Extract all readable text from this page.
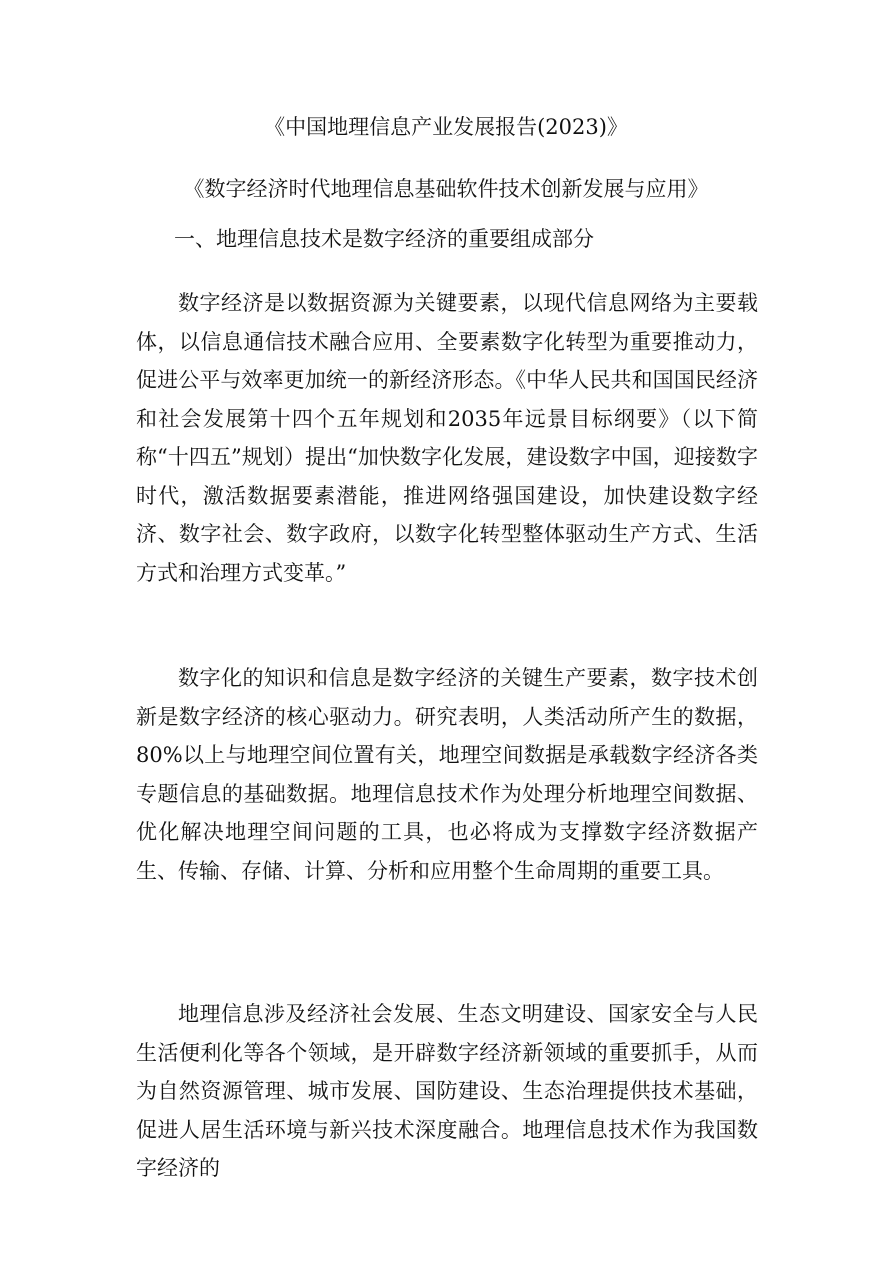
《中国地理信息产业发展报告(2023)》
《数字经济时代地理信息基础软件技术创新发展与应用》
一、地理信息技术是数字经济的重要组成部分

数字经济是以数据资源为关键要素，以现代信息网络为主要载体，以信息通信技术融合应用、全要素数字化转型为重要推动力，促进公平与效率更加统一的新经济形态。《中华人民共和国国民经济和社会发展第十四个五年规划和2035年远景目标纲要》（以下简称“十四五”规划）提出“加快数字化发展，建设数字中国，迎接数字时代，激活数据要素潜能，推进网络强国建设，加快建设数字经济、数字社会、数字政府，以数字化转型整体驱动生产方式、生活方式和治理方式变革。”

数字化的知识和信息是数字经济的关键生产要素，数字技术创新是数字经济的核心驱动力。研究表明，人类活动所产生的数据，80%以上与地理空间位置有关，地理空间数据是承载数字经济各类专题信息的基础数据。地理信息技术作为处理分析地理空间数据、优化解决地理空间问题的工具，也必将成为支撑数字经济数据产生、传输、存储、计算、分析和应用整个生命周期的重要工具。

地理信息涉及经济社会发展、生态文明建设、国家安全与人民生活便利化等各个领域，是开辟数字经济新领域的重要抓手，从而为自然资源管理、城市发展、国防建设、生态治理提供技术基础，促进人居生活环境与新兴技术深度融合。地理信息技术作为我国数字经济的
